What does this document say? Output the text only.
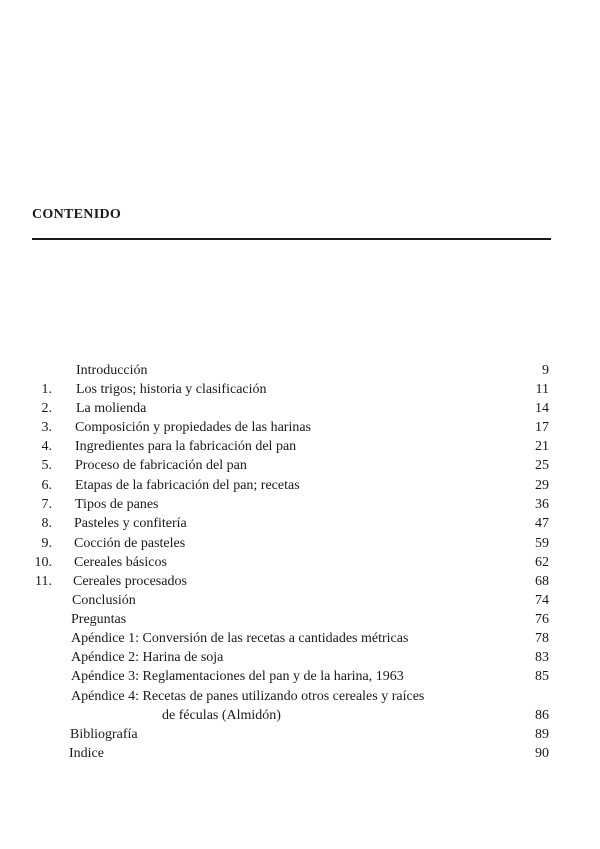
CONTENIDO
Introducción	9
1. Los trigos; historia y clasificación	11
2. La molienda	14
3. Composición y propiedades de las harinas	17
4. Ingredientes para la fabricación del pan	21
5. Proceso de fabricación del pan	25
6. Etapas de la fabricación del pan; recetas	29
7. Tipos de panes	36
8. Pasteles y confitería	47
9. Cocción de pasteles	59
10. Cereales básicos	62
11. Cereales procesados	68
Conclusión	74
Preguntas	76
Apéndice 1: Conversión de las recetas a cantidades métricas	78
Apéndice 2: Harina de soja	83
Apéndice 3: Reglamentaciones del pan y de la harina, 1963	85
Apéndice 4: Recetas de panes utilizando otros cereales y raíces
de féculas (Almidón)	86
Bibliografía	89
Indice	90
